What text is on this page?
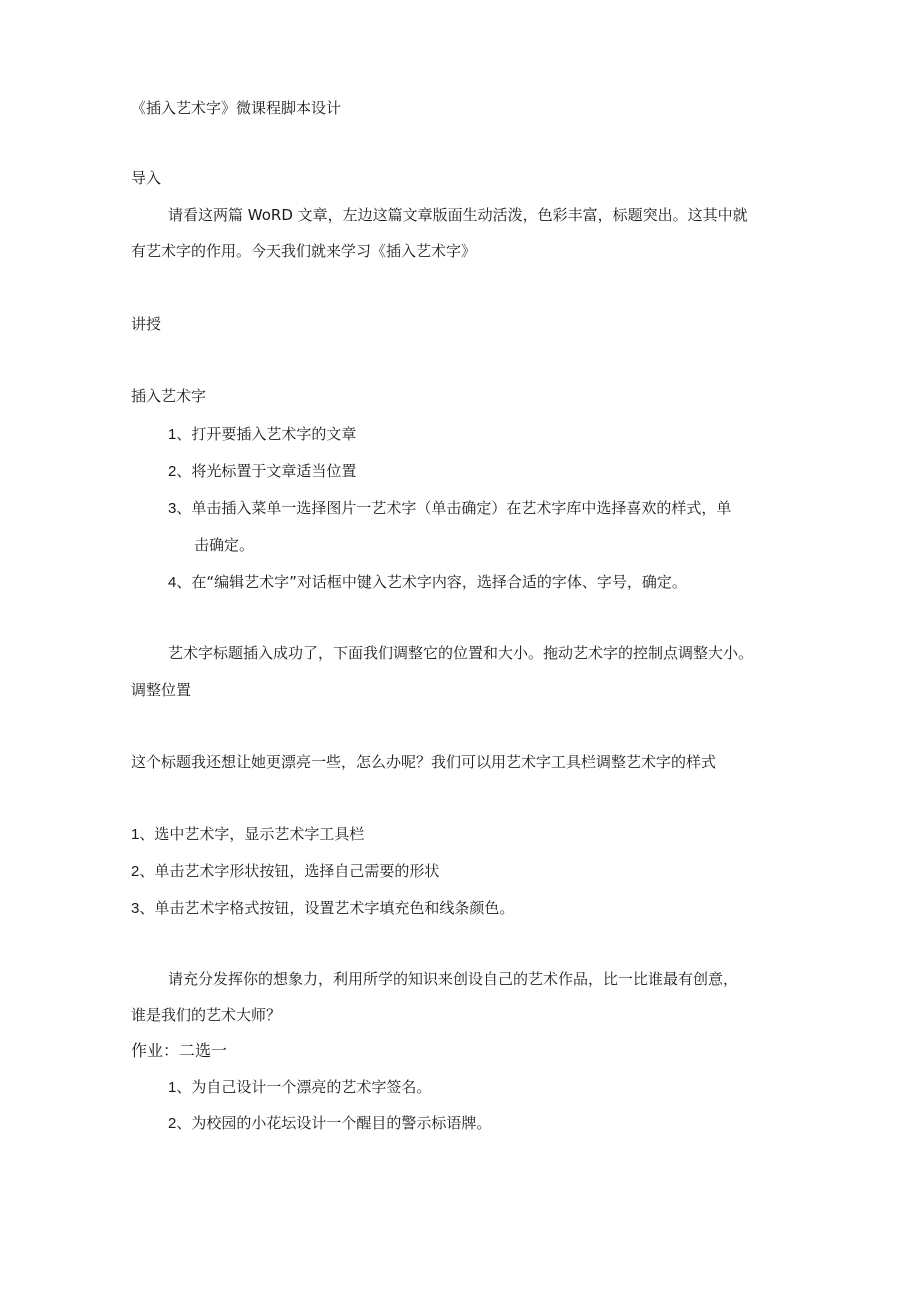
《插入艺术字》微课程脚本设计
导入
请看这两篇 WoRD 文章，左边这篇文章版面生动活泼，色彩丰富，标题突出。这其中就
有艺术字的作用。今天我们就来学习《插入艺术字》
讲授
插入艺术字
1、打开要插入艺术字的文章
2、将光标置于文章适当位置
3、单击插入菜单一选择图片一艺术字（单击确定）在艺术字库中选择喜欢的样式，单
击确定。
4、在“编辑艺术字”对话框中键入艺术字内容，选择合适的字体、字号，确定。
艺术字标题插入成功了，下面我们调整它的位置和大小。拖动艺术字的控制点调整大小。
调整位置
这个标题我还想让她更漂亮一些，怎么办呢？我们可以用艺术字工具栏调整艺术字的样式
1、选中艺术字，显示艺术字工具栏
2、单击艺术字形状按钮，选择自己需要的形状
3、单击艺术字格式按钮，设置艺术字填充色和线条颜色。
请充分发挥你的想象力，利用所学的知识来创设自己的艺术作品，比一比谁最有创意，
谁是我们的艺术大师？
作业：二选一
1、为自己设计一个漂亮的艺术字签名。
2、为校园的小花坛设计一个醒目的警示标语牌。
